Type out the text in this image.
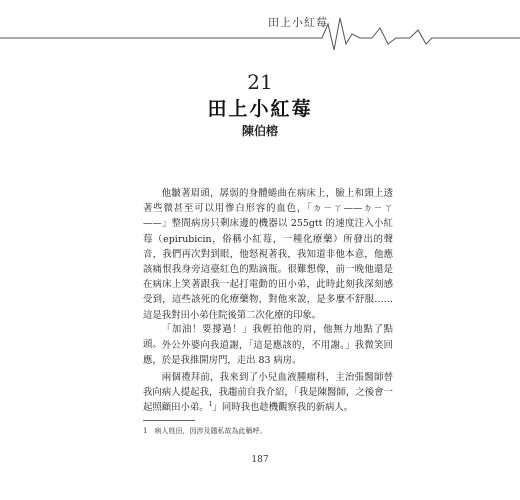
田上小紅莓
21
田上小紅莓
陳伯榕

他皺著眉頭，孱弱的身體蜷曲在病床上，臉上和頸上透著些微甚至可以用慘白形容的血色，「ㄉㄧㄚ——ㄉㄧㄚ——」整間病房只剩床邊的機器以 255gtt 的速度注入小紅莓（epirubicin，俗稱小紅莓，一種化療藥）所發出的聲音，我們再次對到眼，他怒視著我，我知道非他本意，他應該痛恨我身旁這臺紅色的點滴瓶。很難想像，前一晚他還是在病床上笑著跟我一起打電動的田小弟，此時此刻我深刻感受到，這些該死的化療藥物，對他來說，是多麼不舒服……這是我對田小弟住院後第二次化療的印象。

「加油！要撐過！」我輕拍他的肩，他無力地點了點頭。 外公外婆向我道謝，「這是應該的，不用謝。」我微笑回應，於是我推開房門，走出 83 病房。

兩個禮拜前，我來到了小兒血液腫瘤科，主治張醫師替我向病人提起我，我趨前自我介紹，「我是陳醫師，之後會一起照顧田小弟。$^1$」同時我也趁機觀察我的新病人。

1　病人姓田，因涉及隱私故為此稱呼。
187
